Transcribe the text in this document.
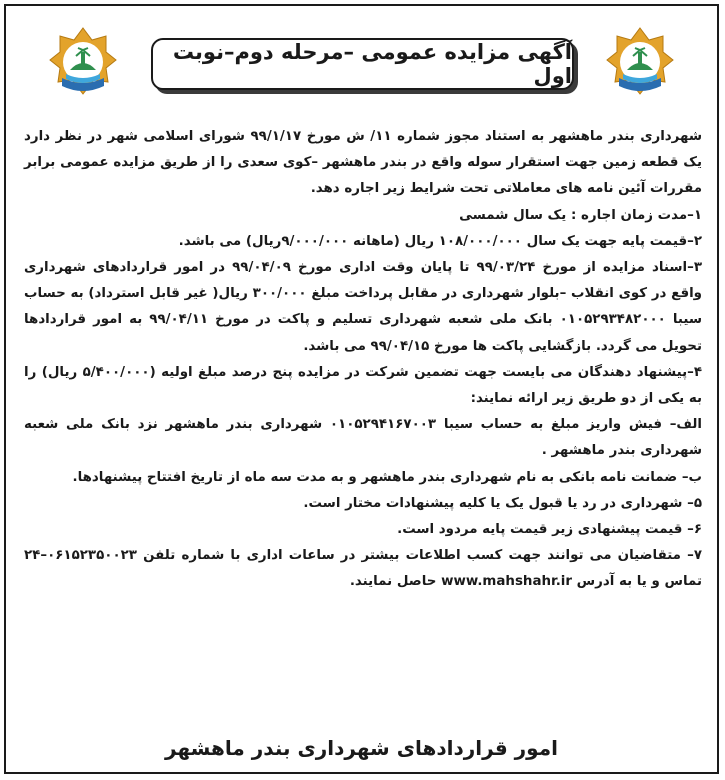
آگهی مزایده عمومی –مرحله دوم–نوبت اول

شهرداری بندر ماهشهر به استناد مجوز شماره ۱۱/ ش مورخ ۹۹/۱/۱۷ شورای اسلامی شهر در نظر دارد یک قطعه زمین جهت استقرار سوله واقع در بندر ماهشهر –کوی سعدی را از طریق مزایده عمومی برابر مقررات آئین نامه های معاملاتی تحت شرایط زیر اجاره دهد.

۱–مدت زمان اجاره : یک سال شمسی

۲–قیمت پایه جهت یک سال ۱۰۸/۰۰۰/۰۰۰ ریال (ماهانه ۹/۰۰۰/۰۰۰ریال) می باشد.

۳–اسناد مزایده از مورخ ۹۹/۰۳/۲۴ تا پایان وقت اداری مورخ ۹۹/۰۴/۰۹ در امور قراردادهای شهرداری واقع در کوی انقلاب –بلوار شهرداری در مقابل پرداخت مبلغ ۳۰۰/۰۰۰ ریال( غیر قابل استرداد) به حساب سیبا ۰۱۰۵۲۹۳۴۸۲۰۰۰ بانک ملی شعبه شهرداری تسلیم و پاکت در مورخ ۹۹/۰۴/۱۱ به امور قراردادها تحویل می گردد. بازگشایی پاکت ها مورخ ۹۹/۰۴/۱۵ می باشد.

۴–پیشنهاد دهندگان می بایست جهت تضمین شرکت در مزایده پنج درصد مبلغ اولیه (۵/۴۰۰/۰۰۰ ریال) را به یکی از دو طریق زیر ارائه نمایند:

الف– فیش واریز مبلغ به حساب سیبا ۰۱۰۵۲۹۴۱۶۷۰۰۳ شهرداری بندر ماهشهر نزد بانک ملی شعبه شهرداری بندر ماهشهر .

ب– ضمانت نامه بانکی به نام شهرداری بندر ماهشهر و به مدت سه ماه از تاریخ افتتاح پیشنهادها.

۵– شهرداری در رد یا قبول یک یا کلیه پیشنهادات مختار است.

۶– قیمت پیشنهادی زیر قیمت پایه مردود است.

۷– متقاضیان می توانند جهت کسب اطلاعات بیشتر در ساعات اداری با شماره تلفن ۰۶۱۵۲۳۵۰۰۲۳–۲۴ تماس و یا به آدرس www.mahshahr.ir حاصل نمایند.

امور قراردادهای شهرداری بندر ماهشهر
